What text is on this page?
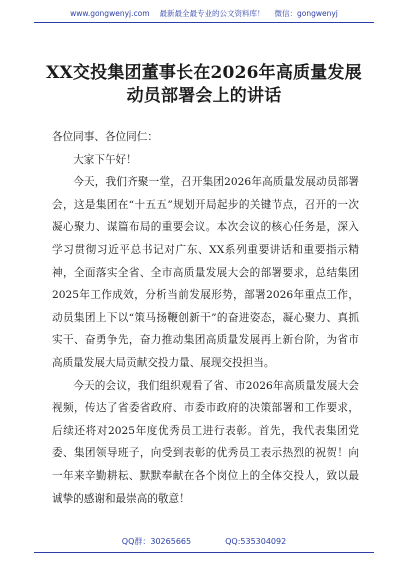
www.gongwenyj.com 最新最全最专业的公文资料库！ 微信：gongwenyj
XX交投集团董事长在2026年高质量发展
动员部署会上的讲话

各位同事、各位同仁：

大家下午好！

今天，我们齐聚一堂，召开集团2026年高质量发展动员部署会，这是集团在“十五五”规划开局起步的关键节点，召开的一次凝心聚力、谋篇布局的重要会议。本次会议的核心任务是，深入学习贯彻习近平总书记对广东、XX系列重要讲话和重要指示精神，全面落实全省、全市高质量发展大会的部署要求，总结集团2025年工作成效，分析当前发展形势，部署2026年重点工作，动员集团上下以“策马扬鞭创新干”的奋进姿态，凝心聚力、真抓实干、奋勇争先，奋力推动集团高质量发展再上新台阶，为省市高质量发展大局贡献交投力量、展现交投担当。

今天的会议，我们组织观看了省、市2026年高质量发展大会视频，传达了省委省政府、市委市政府的决策部署和工作要求，后续还将对2025年度优秀员工进行表彰。首先，我代表集团党委、集团领导班子，向受到表彰的优秀员工表示热烈的祝贺！向一年来辛勤耕耘、默默奉献在各个岗位上的全体交投人，致以最诚挚的感谢和最崇高的敬意！

QQ群：30265665	QQ:535304092
